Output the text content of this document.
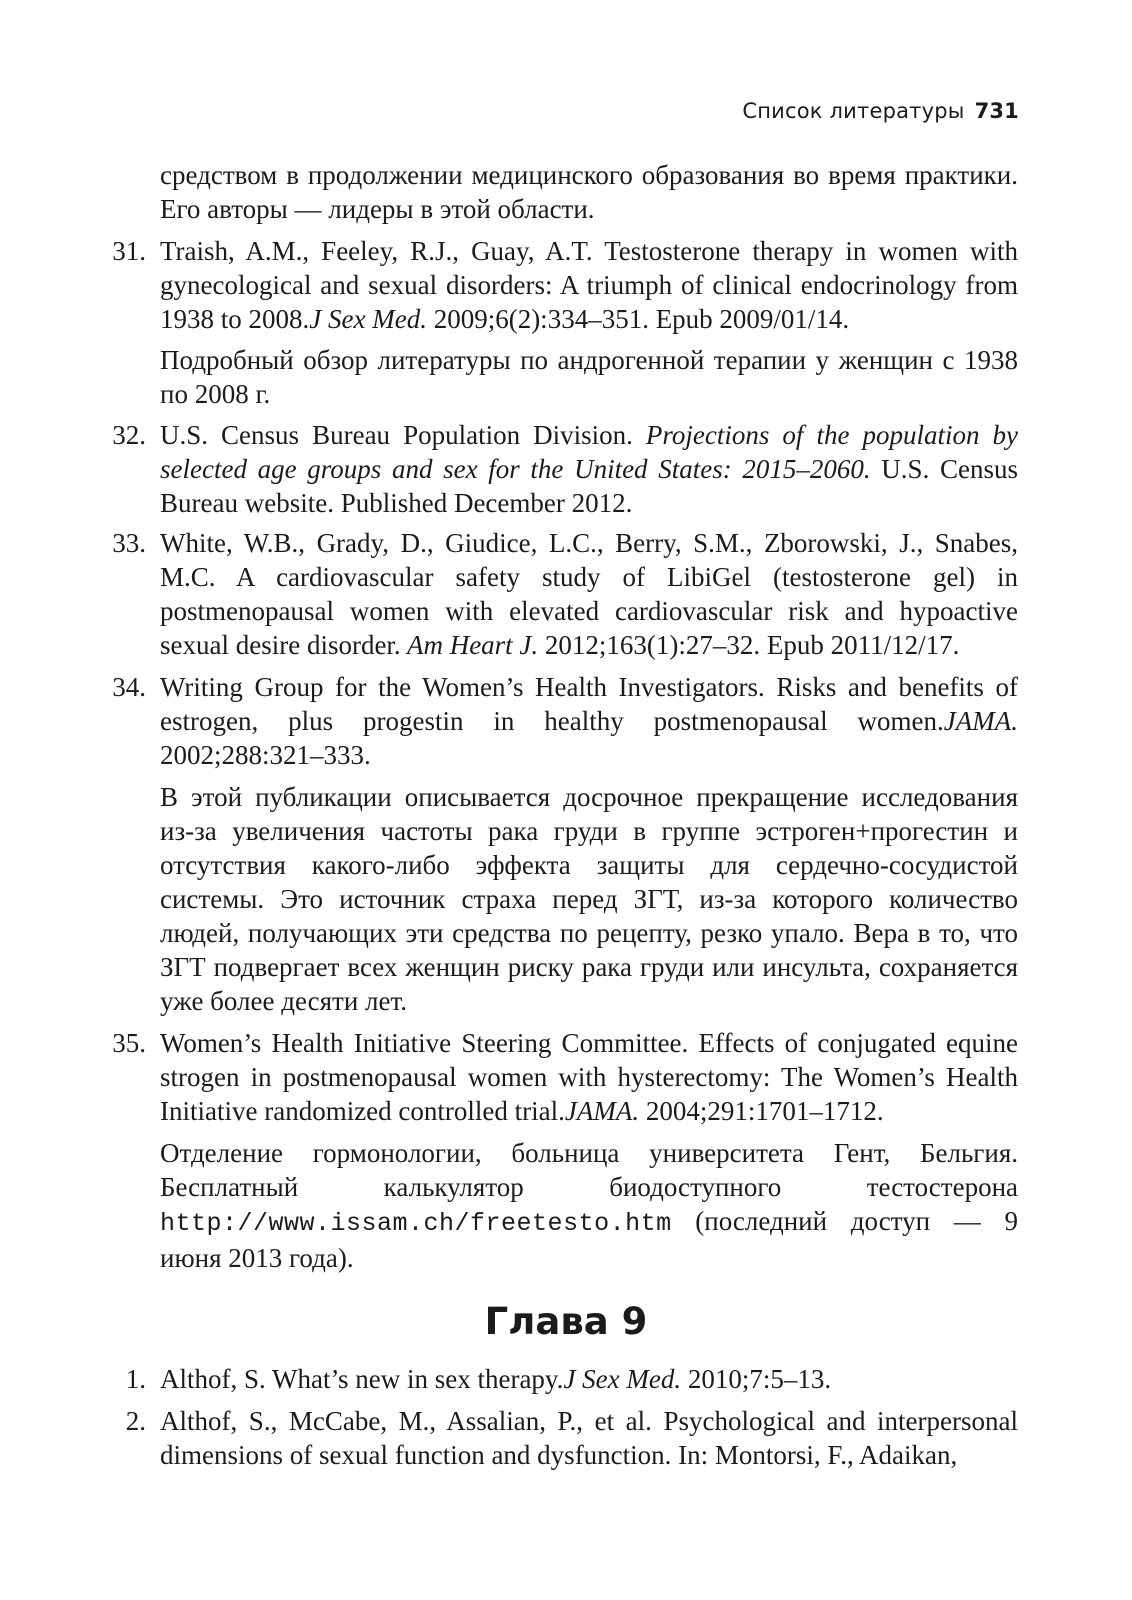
Список литературы 731

средством в продолжении медицинского образования во время практики. Его авторы — лидеры в этой области.

31. Traish, A.M., Feeley, R.J., Guay, A.T. Testosterone therapy in women with gynecological and sexual disorders: A triumph of clinical endocrinology from 1938 to 2008.J Sex Med. 2009;6(2):334–351. Epub 2009/01/14.

Подробный обзор литературы по андрогенной терапии у женщин с 1938 по 2008 г.

32. U.S. Census Bureau Population Division. Projections of the population by selected age groups and sex for the United States: 2015–2060. U.S. Census Bureau website. Published December 2012.

33. White, W.B., Grady, D., Giudice, L.C., Berry, S.M., Zborowski, J., Snabes, M.C. A cardiovascular safety study of LibiGel (testosterone gel) in postmenopausal women with elevated cardiovascular risk and hypoactive sexual desire disorder. Am Heart J. 2012;163(1):27–32. Epub 2011/12/17.

34. Writing Group for the Women’s Health Investigators. Risks and benefits of estrogen, plus progestin in healthy postmenopausal women.JAMA. 2002;288:321–333.

В этой публикации описывается досрочное прекращение исследования из-за увеличения частоты рака груди в группе эстроген+прогестин и отсутствия какого-либо эффекта защиты для сердечно-сосудистой системы. Это источник страха перед ЗГТ, из-за которого количество людей, получающих эти средства по рецепту, резко упало. Вера в то, что ЗГТ подвергает всех женщин риску рака груди или инсульта, сохраняется уже более десяти лет.

35. Women’s Health Initiative Steering Committee. Effects of conjugated equine strogen in postmenopausal women with hysterectomy: The Women’s Health Initiative randomized controlled trial.JAMA. 2004;291:1701–1712.

Отделение гормонологии, больница университета Гент, Бельгия. Бесплатный калькулятор биодоступного тестостерона http://www.issam.ch/freetesto.htm (последний доступ — 9 июня 2013 года).

Глава 9
1. Althof, S. What’s new in sex therapy.J Sex Med. 2010;7:5–13.

2. Althof, S., McCabe, M., Assalian, P., et al. Psychological and interpersonal dimensions of sexual function and dysfunction. In: Montorsi, F., Adaikan,
